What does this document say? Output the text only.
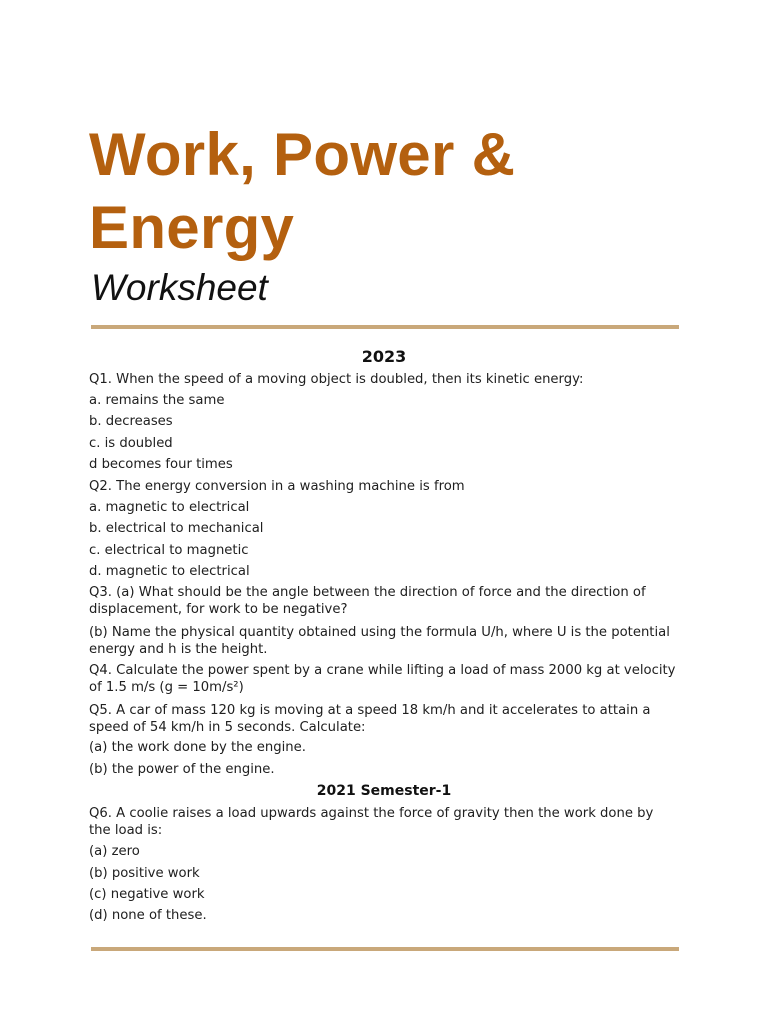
Work, Power & Energy

Worksheet

2023

Q1. When the speed of a moving object is doubled, then its kinetic energy:

a. remains the same

b. decreases

c. is doubled

d becomes four times

Q2. The energy conversion in a washing machine is from

a. magnetic to electrical

b. electrical to mechanical

c. electrical to magnetic

d. magnetic to electrical

Q3. (a) What should be the angle between the direction of force and the direction of displacement, for work to be negative?

(b) Name the physical quantity obtained using the formula U/h, where U is the potential energy and h is the height.

Q4. Calculate the power spent by a crane while lifting a load of mass 2000 kg at velocity of 1.5 m/s (g = 10m/s²)

Q5. A car of mass 120 kg is moving at a speed 18 km/h and it accelerates to attain a speed of 54 km/h in 5 seconds. Calculate:

(a) the work done by the engine.

(b) the power of the engine.

2021 Semester-1

Q6. A coolie raises a load upwards against the force of gravity then the work done by the load is:

(a) zero

(b) positive work

(c) negative work

(d) none of these.
